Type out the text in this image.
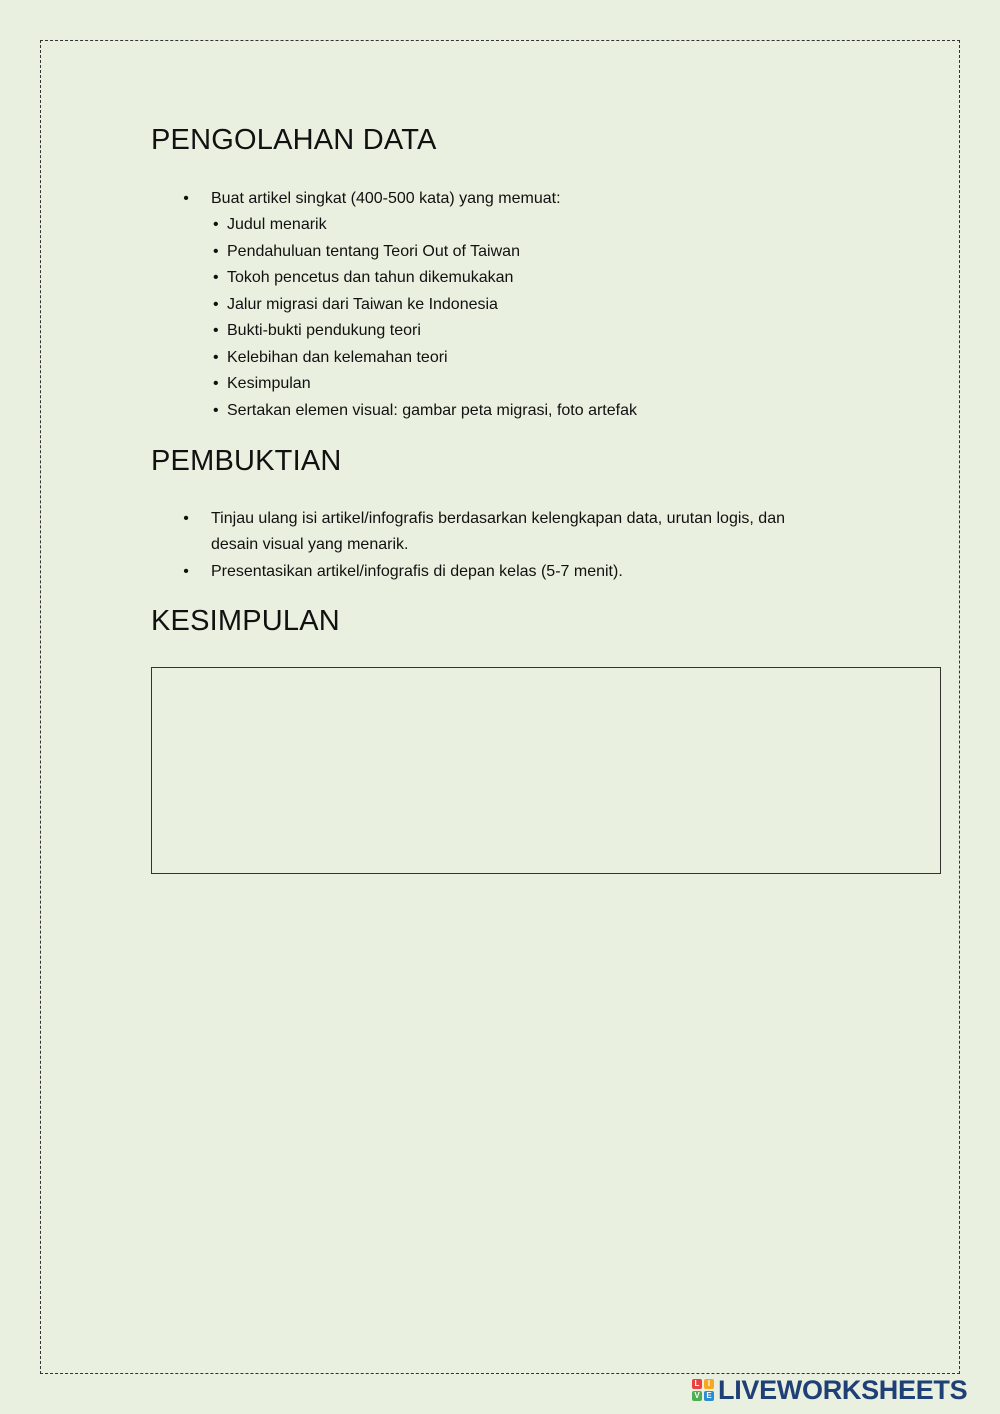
PENGOLAHAN DATA
• Buat artikel singkat (400-500 kata) yang memuat:
• Judul menarik
• Pendahuluan tentang Teori Out of Taiwan
• Tokoh pencetus dan tahun dikemukakan
• Jalur migrasi dari Taiwan ke Indonesia
• Bukti-bukti pendukung teori
• Kelebihan dan kelemahan teori
• Kesimpulan
• Sertakan elemen visual: gambar peta migrasi, foto artefak
PEMBUKTIAN
• Tinjau ulang isi artikel/infografis berdasarkan kelengkapan data, urutan logis, dan
desain visual yang menarik.
• Presentasikan artikel/infografis di depan kelas (5-7 menit).
KESIMPULAN
L	I
V E LIVEWORKSHEETS
